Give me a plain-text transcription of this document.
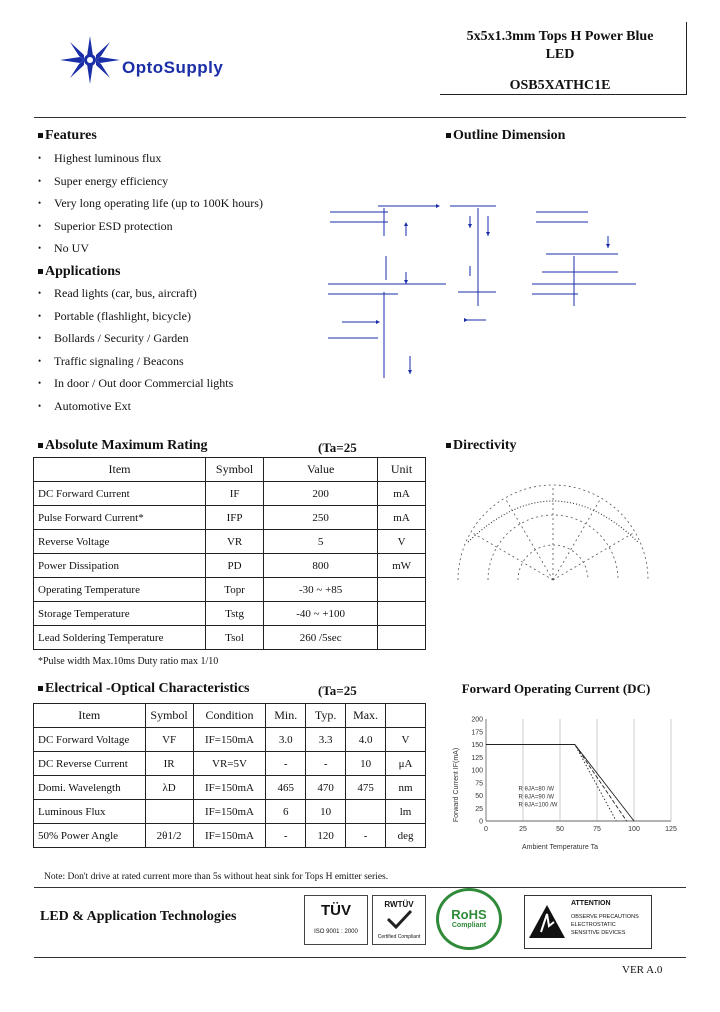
OptoSupply
5x5x1.3mm Tops H Power Blue
LED
OSB5XATHC1E
Features
• Highest luminous flux
• Super energy efficiency
• Very long operating life (up to 100K hours)
• Superior ESD protection
• No UV
Applications
• Read lights (car, bus, aircraft)
• Portable (flashlight, bicycle)
• Bollards / Security / Garden
• Traffic signaling / Beacons
• In door / Out door Commercial lights
• Automotive Ext
Outline Dimension
Absolute Maximum Rating	(Ta=25
Item	Symbol	Value	Unit
DC Forward Current	IF	200	mA
Pulse Forward Current*	IFP	250	mA
Reverse Voltage	VR	5	V
Power Dissipation	PD	800	mW
Operating Temperature	Topr	-30 ~ +85	
Storage Temperature	Tstg	-40 ~ +100	
Lead Soldering Temperature	Tsol	260 /5sec	
*Pulse width Max.10ms Duty ratio max 1/10
Directivity
Electrical -Optical Characteristics	(Ta=25
Item	Symbol	Condition	Min.	Typ.	Max.	
DC Forward Voltage	VF	IF=150mA	3.0	3.3	4.0	V
DC Reverse Current	IR	VR=5V	-	-	10	μA
Domi. Wavelength	λD	IF=150mA	465	470	475	nm
Luminous Flux		IF=150mA	6	10		lm
50% Power Angle	2θ1/2	IF=150mA	-	120	-	deg
Forward Operating Current (DC)
Forward Current IF(mA)
Ambient Temperature Ta
0	25	50	75	100	125
0
25
50
75
100
125
150
175
200
R θJA=80 /W
R θJA=90 /W
R θJA=100 /W
Note: Don't drive at rated current more than 5s without heat sink for Tops H emitter series.
LED & Application Technologies	TÜV
ISO 9001 : 2000
RWTÜV
Certified Compliant
RoHS
Compliant
ATTENTION
OBSERVE PRECAUTIONS
ELECTROSTATIC
SENSITIVE DEVICES
VER A.0
